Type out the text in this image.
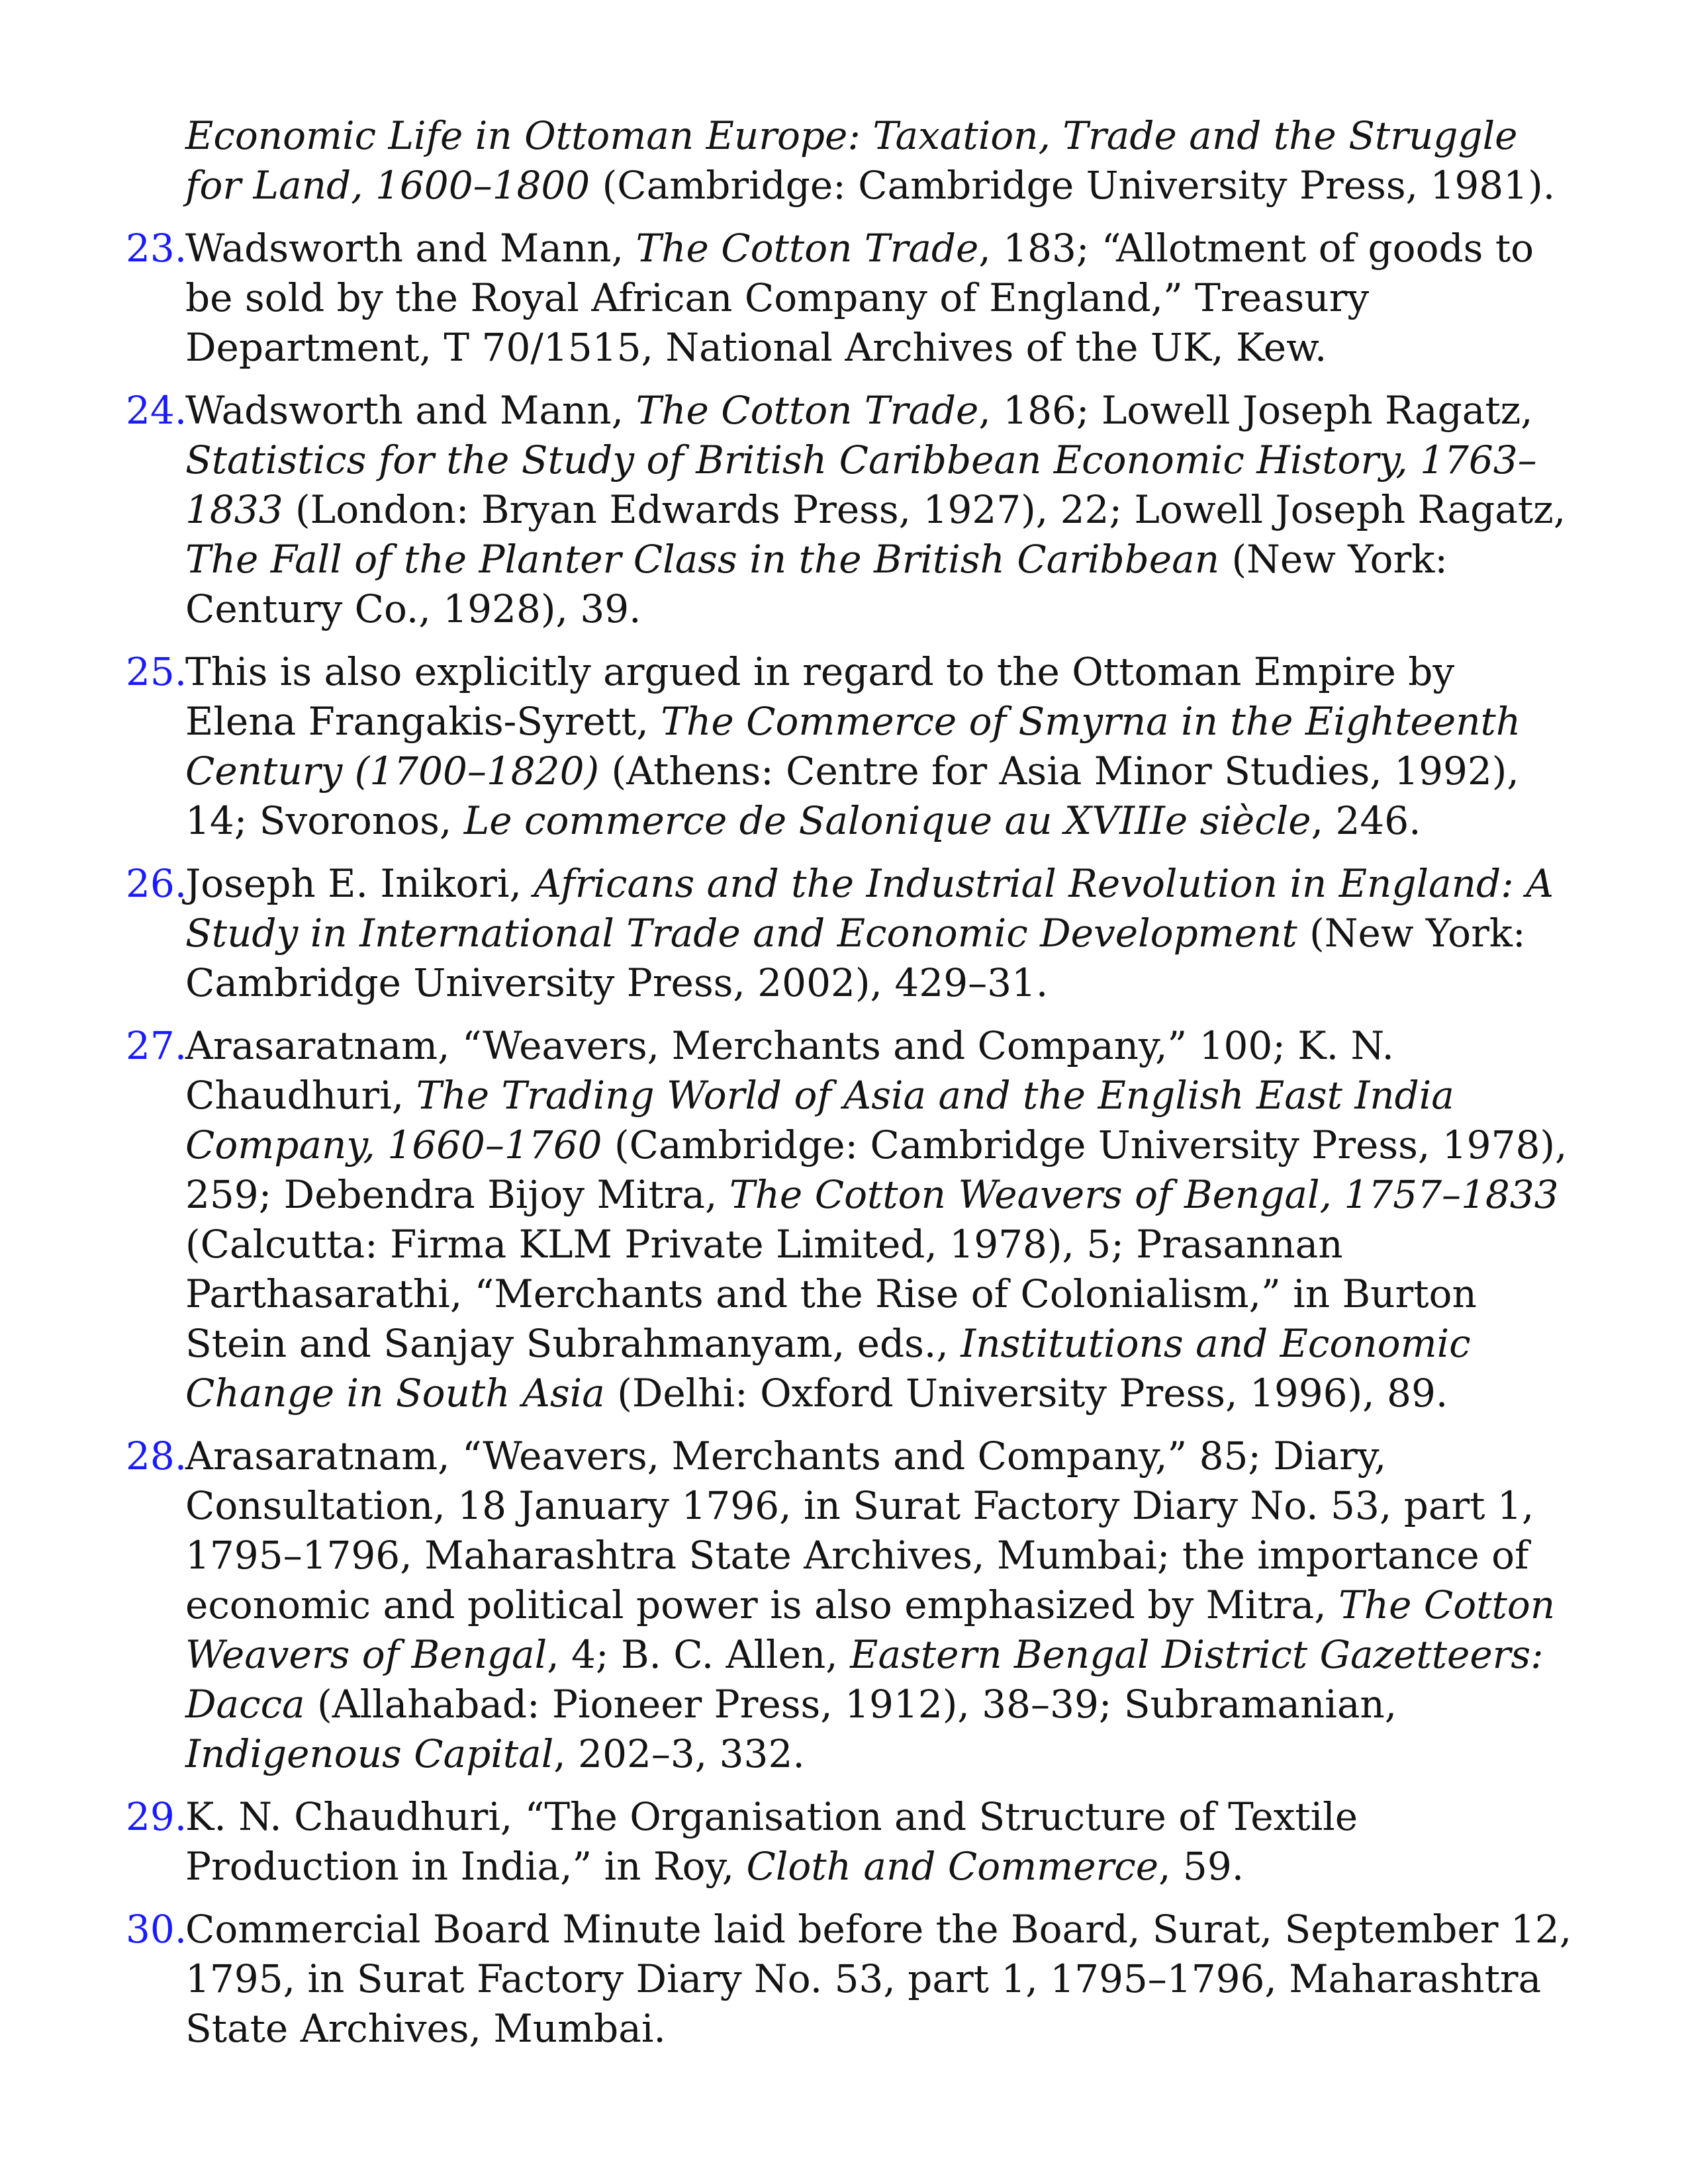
Economic Life in Ottoman Europe: Taxation, Trade and the Struggle for Land, 1600–1800 (Cambridge: Cambridge University Press, 1981).
23.
Wadsworth and Mann, The Cotton Trade, 183; “Allotment of goods to be sold by the Royal African Company of England,” Treasury Department, T 70/1515, National Archives of the UK, Kew.
24.
Wadsworth and Mann, The Cotton Trade, 186; Lowell Joseph Ragatz, Statistics for the Study of British Caribbean Economic History, 1763–1833 (London: Bryan Edwards Press, 1927), 22; Lowell Joseph Ragatz, The Fall of the Planter Class in the British Caribbean (New York: Century Co., 1928), 39.
25.
This is also explicitly argued in regard to the Ottoman Empire by Elena Frangakis-Syrett, The Commerce of Smyrna in the Eighteenth Century (1700–1820) (Athens: Centre for Asia Minor Studies, 1992), 14; Svoronos, Le commerce de Salonique au XVIIIe siècle, 246.
26.
Joseph E. Inikori, Africans and the Industrial Revolution in England: A Study in International Trade and Economic Development (New York: Cambridge University Press, 2002), 429–31.
27.
Arasaratnam, “Weavers, Merchants and Company,” 100; K. N. Chaudhuri, The Trading World of Asia and the English East India Company, 1660–1760 (Cambridge: Cambridge University Press, 1978), 259; Debendra Bijoy Mitra, The Cotton Weavers of Bengal, 1757–1833 (Calcutta: Firma KLM Private Limited, 1978), 5; Prasannan Parthasarathi, “Merchants and the Rise of Colonialism,” in Burton Stein and Sanjay Subrahmanyam, eds., Institutions and Economic Change in South Asia (Delhi: Oxford University Press, 1996), 89.
28.
Arasaratnam, “Weavers, Merchants and Company,” 85; Diary, Consultation, 18 January 1796, in Surat Factory Diary No. 53, part 1, 1795–1796, Maharashtra State Archives, Mumbai; the importance of economic and political power is also emphasized by Mitra, The Cotton Weavers of Bengal, 4; B. C. Allen, Eastern Bengal District Gazetteers: Dacca (Allahabad: Pioneer Press, 1912), 38–39; Subramanian, Indigenous Capital, 202–3, 332.
29.
K. N. Chaudhuri, “The Organisation and Structure of Textile Production in India,” in Roy, Cloth and Commerce, 59.
30.
Commercial Board Minute laid before the Board, Surat, September 12, 1795, in Surat Factory Diary No. 53, part 1, 1795–1796, Maharashtra State Archives, Mumbai.
